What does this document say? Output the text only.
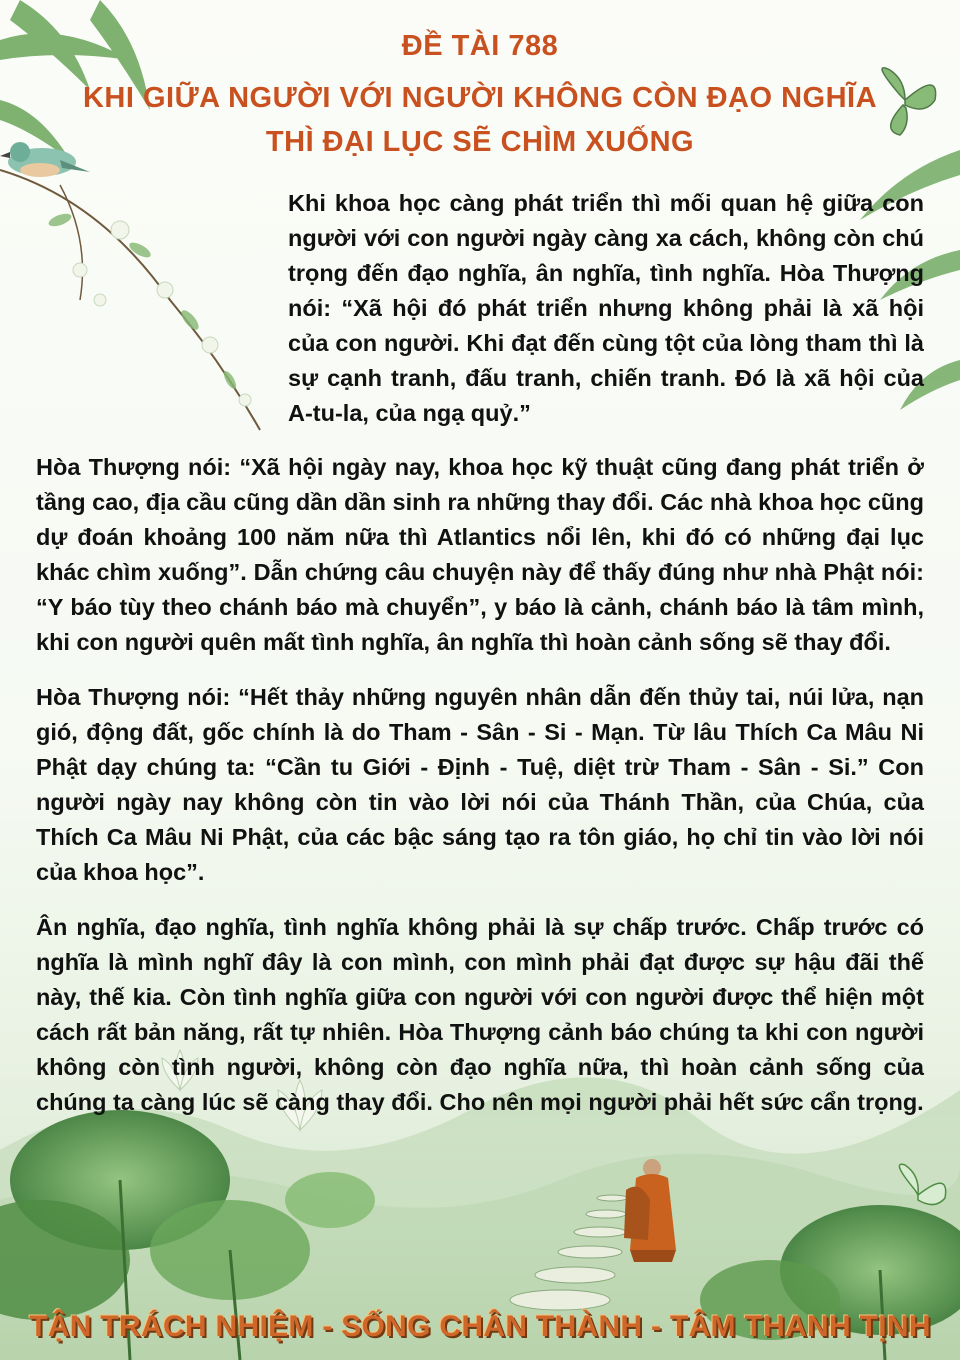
ĐỀ TÀI 788
KHI GIỮA NGƯỜI VỚI NGƯỜI KHÔNG CÒN ĐẠO NGHĨA
THÌ ĐẠI LỤC SẼ CHÌM XUỐNG

Khi khoa học càng phát triển thì mối quan hệ giữa con người với con người ngày càng xa cách, không còn chú trọng đến đạo nghĩa, ân nghĩa, tình nghĩa. Hòa Thượng nói: “Xã hội đó phát triển nhưng không phải là xã hội của con người. Khi đạt đến cùng tột của lòng tham thì là sự cạnh tranh, đấu tranh, chiến tranh. Đó là xã hội của A-tu-la, của ngạ quỷ.”

Hòa Thượng nói: “Xã hội ngày nay, khoa học kỹ thuật cũng đang phát triển ở tầng cao, địa cầu cũng dần dần sinh ra những thay đổi. Các nhà khoa học cũng dự đoán khoảng 100 năm nữa thì Atlantics nổi lên, khi đó có những đại lục khác chìm xuống”. Dẫn chứng câu chuyện này để thấy đúng như nhà Phật nói: “Y báo tùy theo chánh báo mà chuyển”, y báo là cảnh, chánh báo là tâm mình, khi con người quên mất tình nghĩa, ân nghĩa thì hoàn cảnh sống sẽ thay đổi.

Hòa Thượng nói: “Hết thảy những nguyên nhân dẫn đến thủy tai, núi lửa, nạn gió, động đất, gốc chính là do Tham - Sân - Si - Mạn. Từ lâu Thích Ca Mâu Ni Phật dạy chúng ta: “Cần tu Giới - Định - Tuệ, diệt trừ Tham - Sân - Si.” Con người ngày nay không còn tin vào lời nói của Thánh Thần, của Chúa, của Thích Ca Mâu Ni Phật, của các bậc sáng tạo ra tôn giáo, họ chỉ tin vào lời nói của khoa học”.

Ân nghĩa, đạo nghĩa, tình nghĩa không phải là sự chấp trước. Chấp trước có nghĩa là mình nghĩ đây là con mình, con mình phải đạt được sự hậu đãi thế này, thế kia. Còn tình nghĩa giữa con người với con người được thể hiện một cách rất bản năng, rất tự nhiên. Hòa Thượng cảnh báo chúng ta khi con người không còn tình người, không còn đạo nghĩa nữa, thì hoàn cảnh sống của chúng ta càng lúc sẽ càng thay đổi. Cho nên mọi người phải hết sức cẩn trọng.

TẬN TRÁCH NHIỆM - SỐNG CHÂN THÀNH - TÂM THANH TỊNH
